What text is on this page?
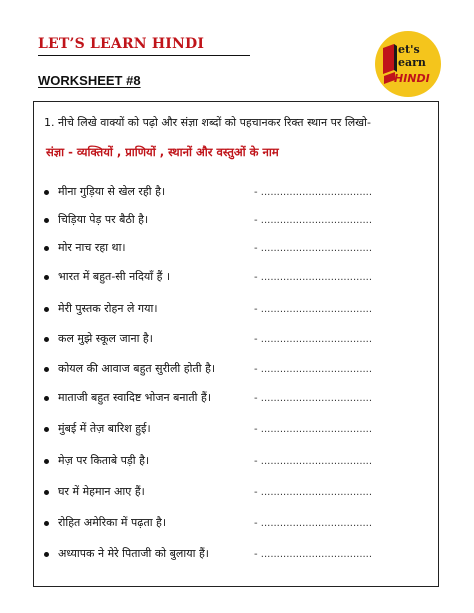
LET’S LEARN HINDI
WORKSHEET #8
et's
earn
HINDI
1. नीचे लिखे वाक्यों को पढ़ो और संज्ञा शब्दों को पहचानकर रिक्त स्थान पर लिखो-
संज्ञा - व्यक्तियों , प्राणियों , स्थानों और वस्तुओं के नाम
मीना गुड़िया से खेल रही है।
- ...................................
चिड़िया पेड़ पर बैठी है।
- ...................................
मोर नाच रहा था।
- ...................................
भारत में बहुत-सी नदियाँ हैं ।
- ...................................
मेरी पुस्तक रोहन ले गया।
- ...................................
कल मुझे स्कूल जाना है।
- ...................................
कोयल की आवाज बहुत सुरीली होती है।
- ...................................
माताजी बहुत स्वादिष्ट भोजन बनाती हैं।
- ...................................
मुंबई में तेज़ बारिश हुई।
- ...................................
मेज़ पर किताबे पड़ी है।
- ...................................
घर में मेहमान आए हैं।
- ...................................
रोहित अमेरिका में पढ़ता है।
- ...................................
अध्यापक ने मेरे पिताजी को बुलाया हैं।
- ...................................
